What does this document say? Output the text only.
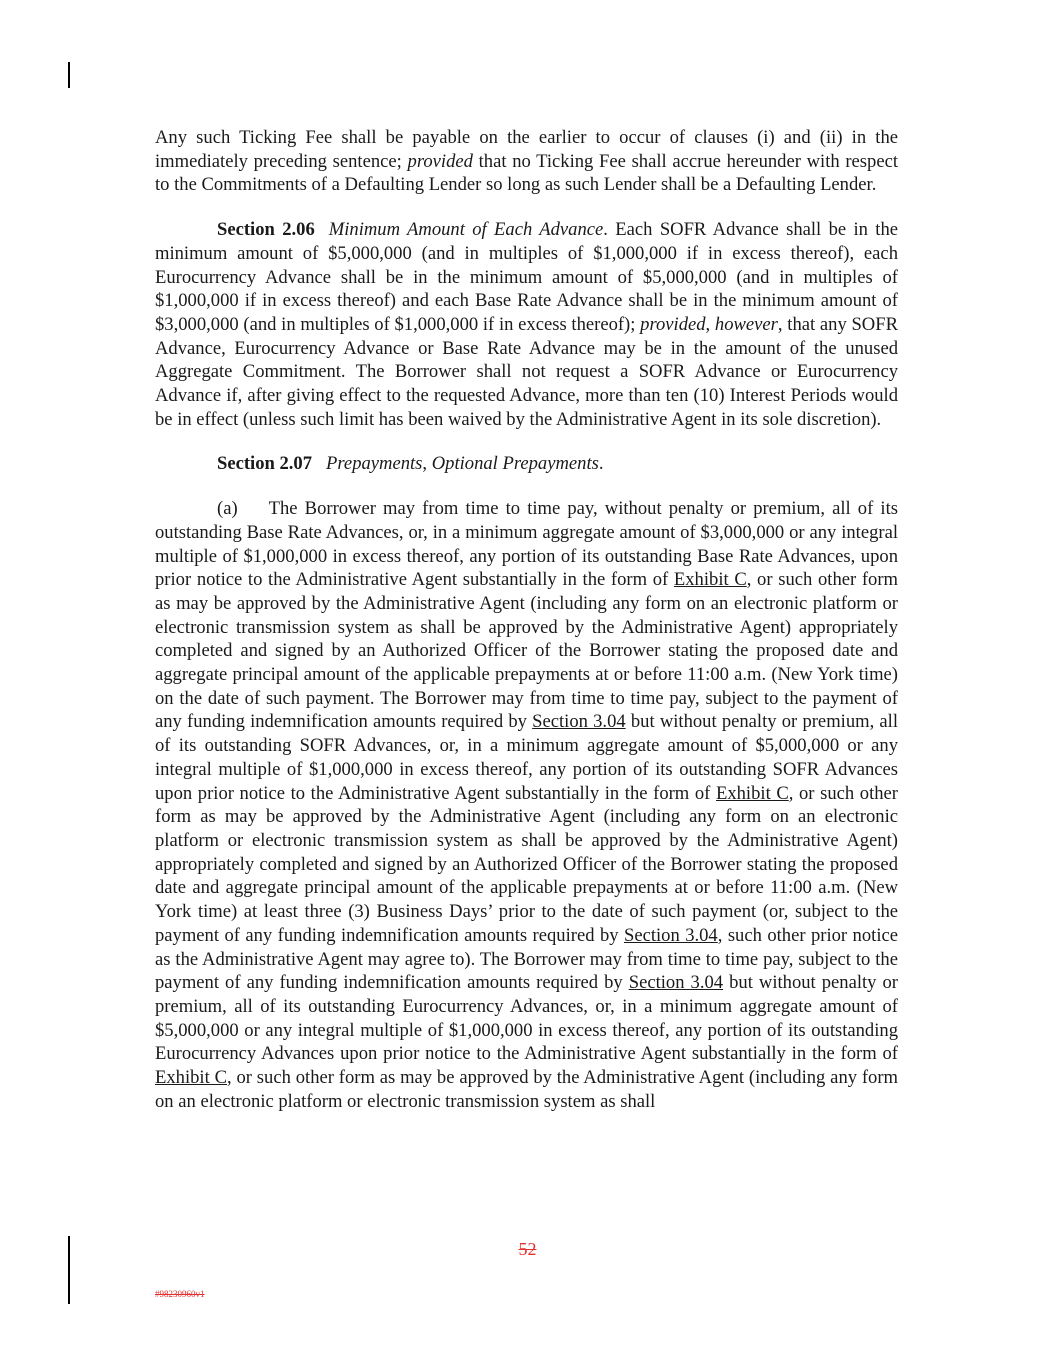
Any such Ticking Fee shall be payable on the earlier to occur of clauses (i) and (ii) in the immediately preceding sentence; provided that no Ticking Fee shall accrue hereunder with respect to the Commitments of a Defaulting Lender so long as such Lender shall be a Defaulting Lender.

Section 2.06 Minimum Amount of Each Advance. Each SOFR Advance shall be in the minimum amount of $5,000,000 (and in multiples of $1,000,000 if in excess thereof), each Eurocurrency Advance shall be in the minimum amount of $5,000,000 (and in multiples of $1,000,000 if in excess thereof) and each Base Rate Advance shall be in the minimum amount of $3,000,000 (and in multiples of $1,000,000 if in excess thereof); provided, however, that any SOFR Advance, Eurocurrency Advance or Base Rate Advance may be in the amount of the unused Aggregate Commitment. The Borrower shall not request a SOFR Advance or Eurocurrency Advance if, after giving effect to the requested Advance, more than ten (10) Interest Periods would be in effect (unless such limit has been waived by the Administrative Agent in its sole discretion).

Section 2.07 Prepayments, Optional Prepayments.

(a) The Borrower may from time to time pay, without penalty or premium, all of its outstanding Base Rate Advances, or, in a minimum aggregate amount of $3,000,000 or any integral multiple of $1,000,000 in excess thereof, any portion of its outstanding Base Rate Advances, upon prior notice to the Administrative Agent substantially in the form of Exhibit C, or such other form as may be approved by the Administrative Agent (including any form on an electronic platform or electronic transmission system as shall be approved by the Administrative Agent) appropriately completed and signed by an Authorized Officer of the Borrower stating the proposed date and aggregate principal amount of the applicable prepayments at or before 11:00 a.m. (New York time) on the date of such payment. The Borrower may from time to time pay, subject to the payment of any funding indemnification amounts required by Section 3.04 but without penalty or premium, all of its outstanding SOFR Advances, or, in a minimum aggregate amount of $5,000,000 or any integral multiple of $1,000,000 in excess thereof, any portion of its outstanding SOFR Advances upon prior notice to the Administrative Agent substantially in the form of Exhibit C, or such other form as may be approved by the Administrative Agent (including any form on an electronic platform or electronic transmission system as shall be approved by the Administrative Agent) appropriately completed and signed by an Authorized Officer of the Borrower stating the proposed date and aggregate principal amount of the applicable prepayments at or before 11:00 a.m. (New York time) at least three (3) Business Days’ prior to the date of such payment (or, subject to the payment of any funding indemnification amounts required by Section 3.04, such other prior notice as the Administrative Agent may agree to). The Borrower may from time to time pay, subject to the payment of any funding indemnification amounts required by Section 3.04 but without penalty or premium, all of its outstanding Eurocurrency Advances, or, in a minimum aggregate amount of $5,000,000 or any integral multiple of $1,000,000 in excess thereof, any portion of its outstanding Eurocurrency Advances upon prior notice to the Administrative Agent substantially in the form of Exhibit C, or such other form as may be approved by the Administrative Agent (including any form on an electronic platform or electronic transmission system as shall

52
#98230960v1
